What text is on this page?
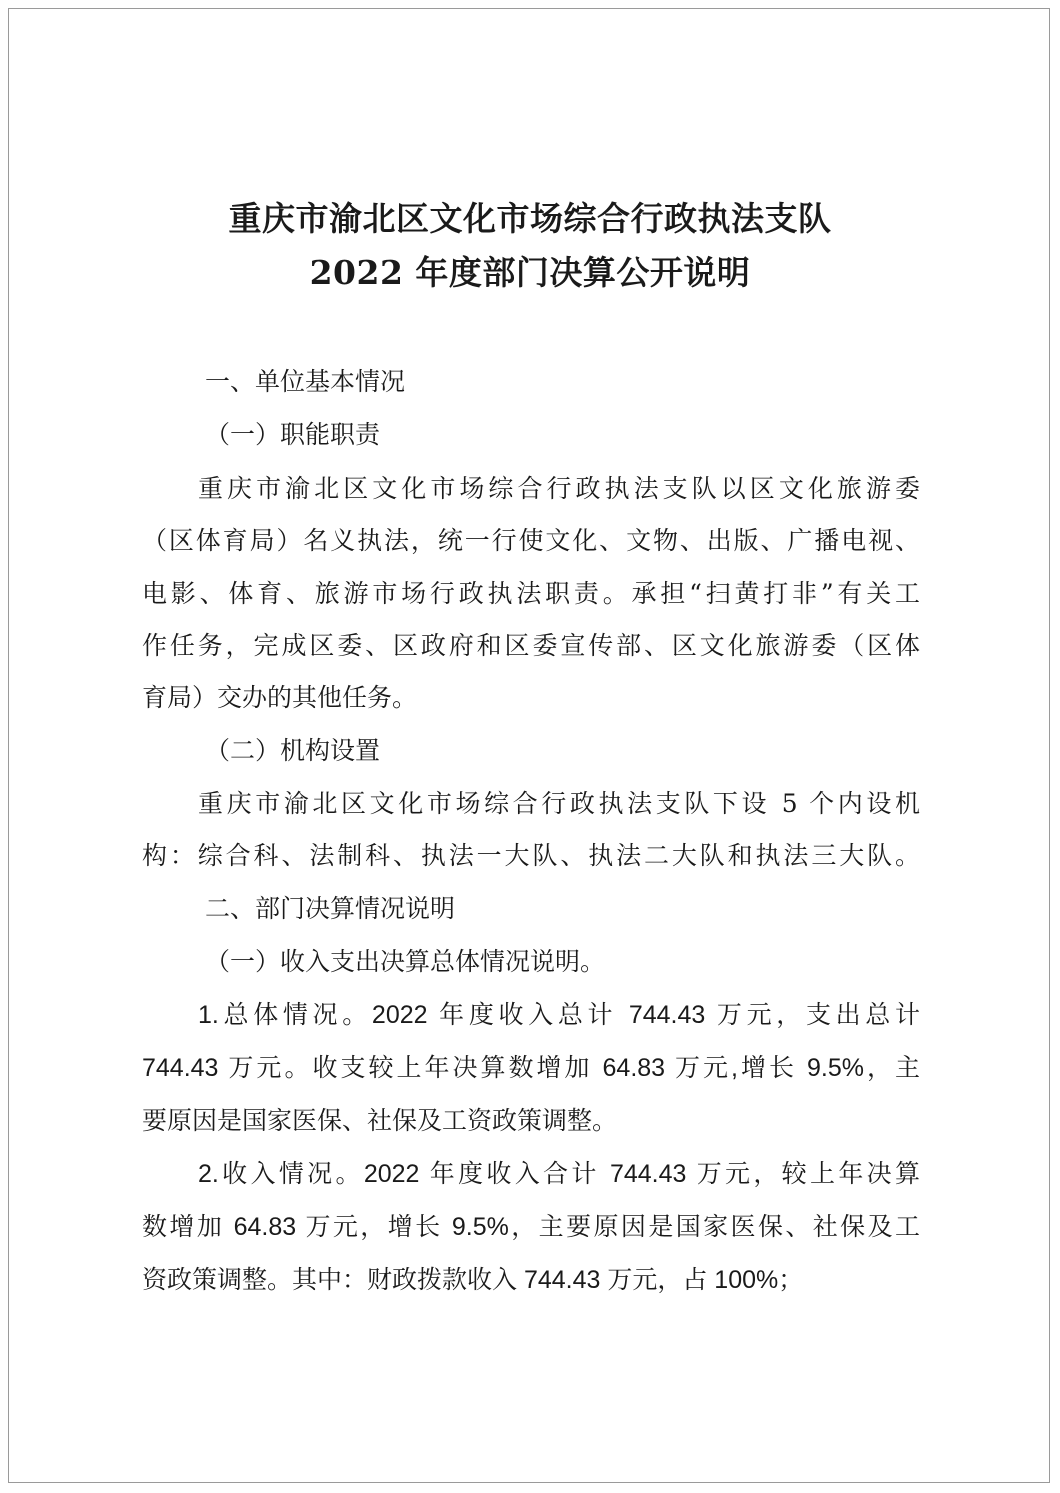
重庆市渝北区文化市场综合行政执法支队
2022 年度部门决算公开说明

一、单位基本情况

（一）职能职责

重庆市渝北区文化市场综合行政执法支队以区文化旅游委

（区体育局）名义执法，统一行使文化、文物、出版、广播电视、

电影、体育、旅游市场行政执法职责。承担“扫黄打非”有关工

作任务，完成区委、区政府和区委宣传部、区文化旅游委（区体

育局）交办的其他任务。

（二）机构设置

重庆市渝北区文化市场综合行政执法支队下设 5 个内设机

构：综合科、法制科、执法一大队、执法二大队和执法三大队。

二、部门决算情况说明

（一）收入支出决算总体情况说明。

1.总体情况。2022 年度收入总计 744.43 万元，支出总计

744.43 万元。收支较上年决算数增加 64.83 万元,增长 9.5%，主

要原因是国家医保、社保及工资政策调整。

2.收入情况。2022 年度收入合计 744.43 万元，较上年决算

数增加 64.83 万元，增长 9.5%，主要原因是国家医保、社保及工

资政策调整。其中：财政拨款收入 744.43 万元，占 100%；
